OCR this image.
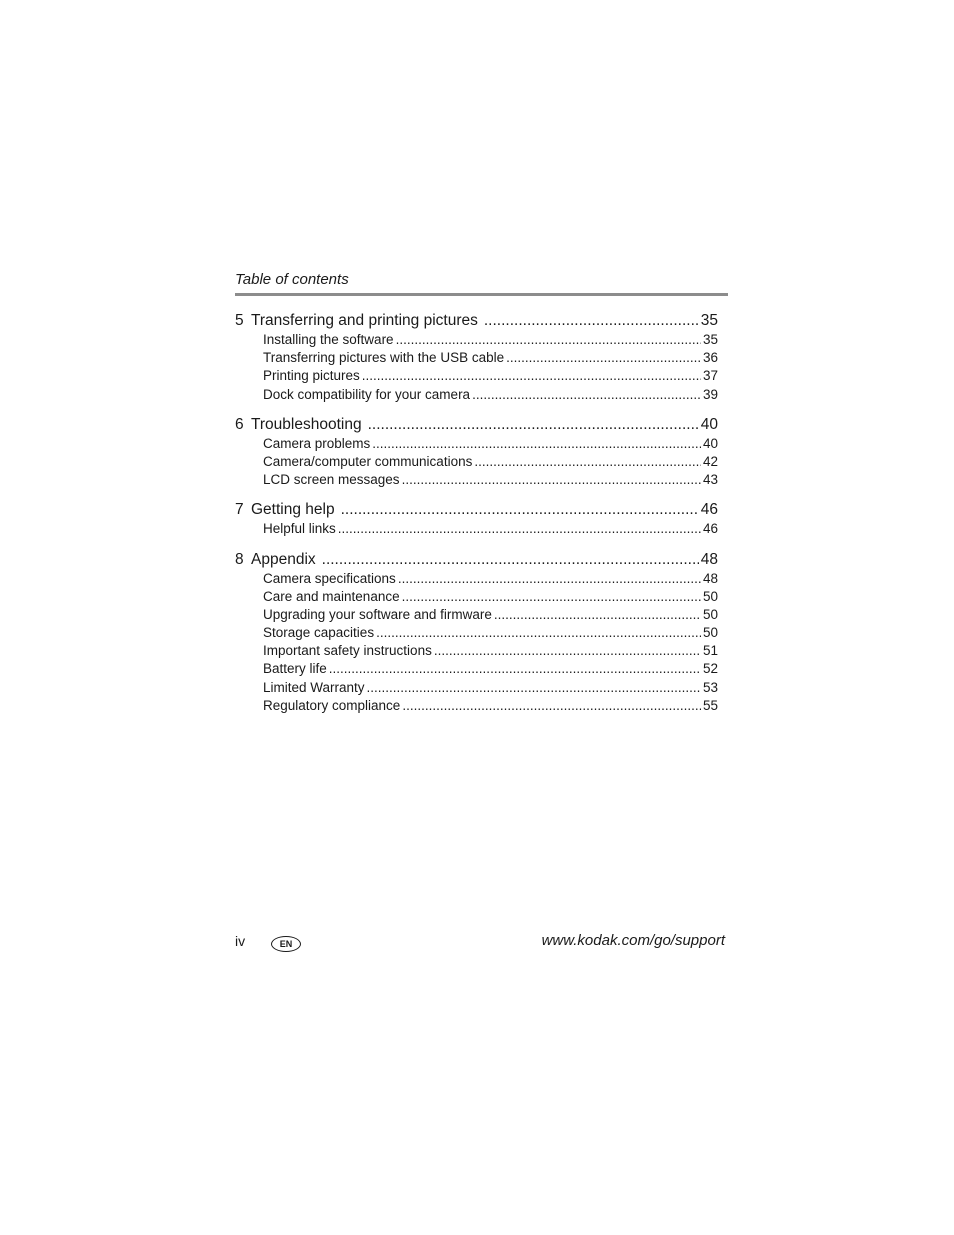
Table of contents
5 Transferring and printing pictures .....	35
Installing the software .....	35
Transferring pictures with the USB cable .....	36
Printing pictures .....	37
Dock compatibility for your camera .....	39
6 Troubleshooting .....	40
Camera problems .....	40
Camera/computer communications .....	42
LCD screen messages .....	43
7 Getting help .....	46
Helpful links .....	46
8 Appendix .....	48
Camera specifications .....	48
Care and maintenance .....	50
Upgrading your software and firmware .....	50
Storage capacities .....	50
Important safety instructions .....	51
Battery life .....	52
Limited Warranty .....	53
Regulatory compliance .....	55
iv	EN	www.kodak.com/go/support
